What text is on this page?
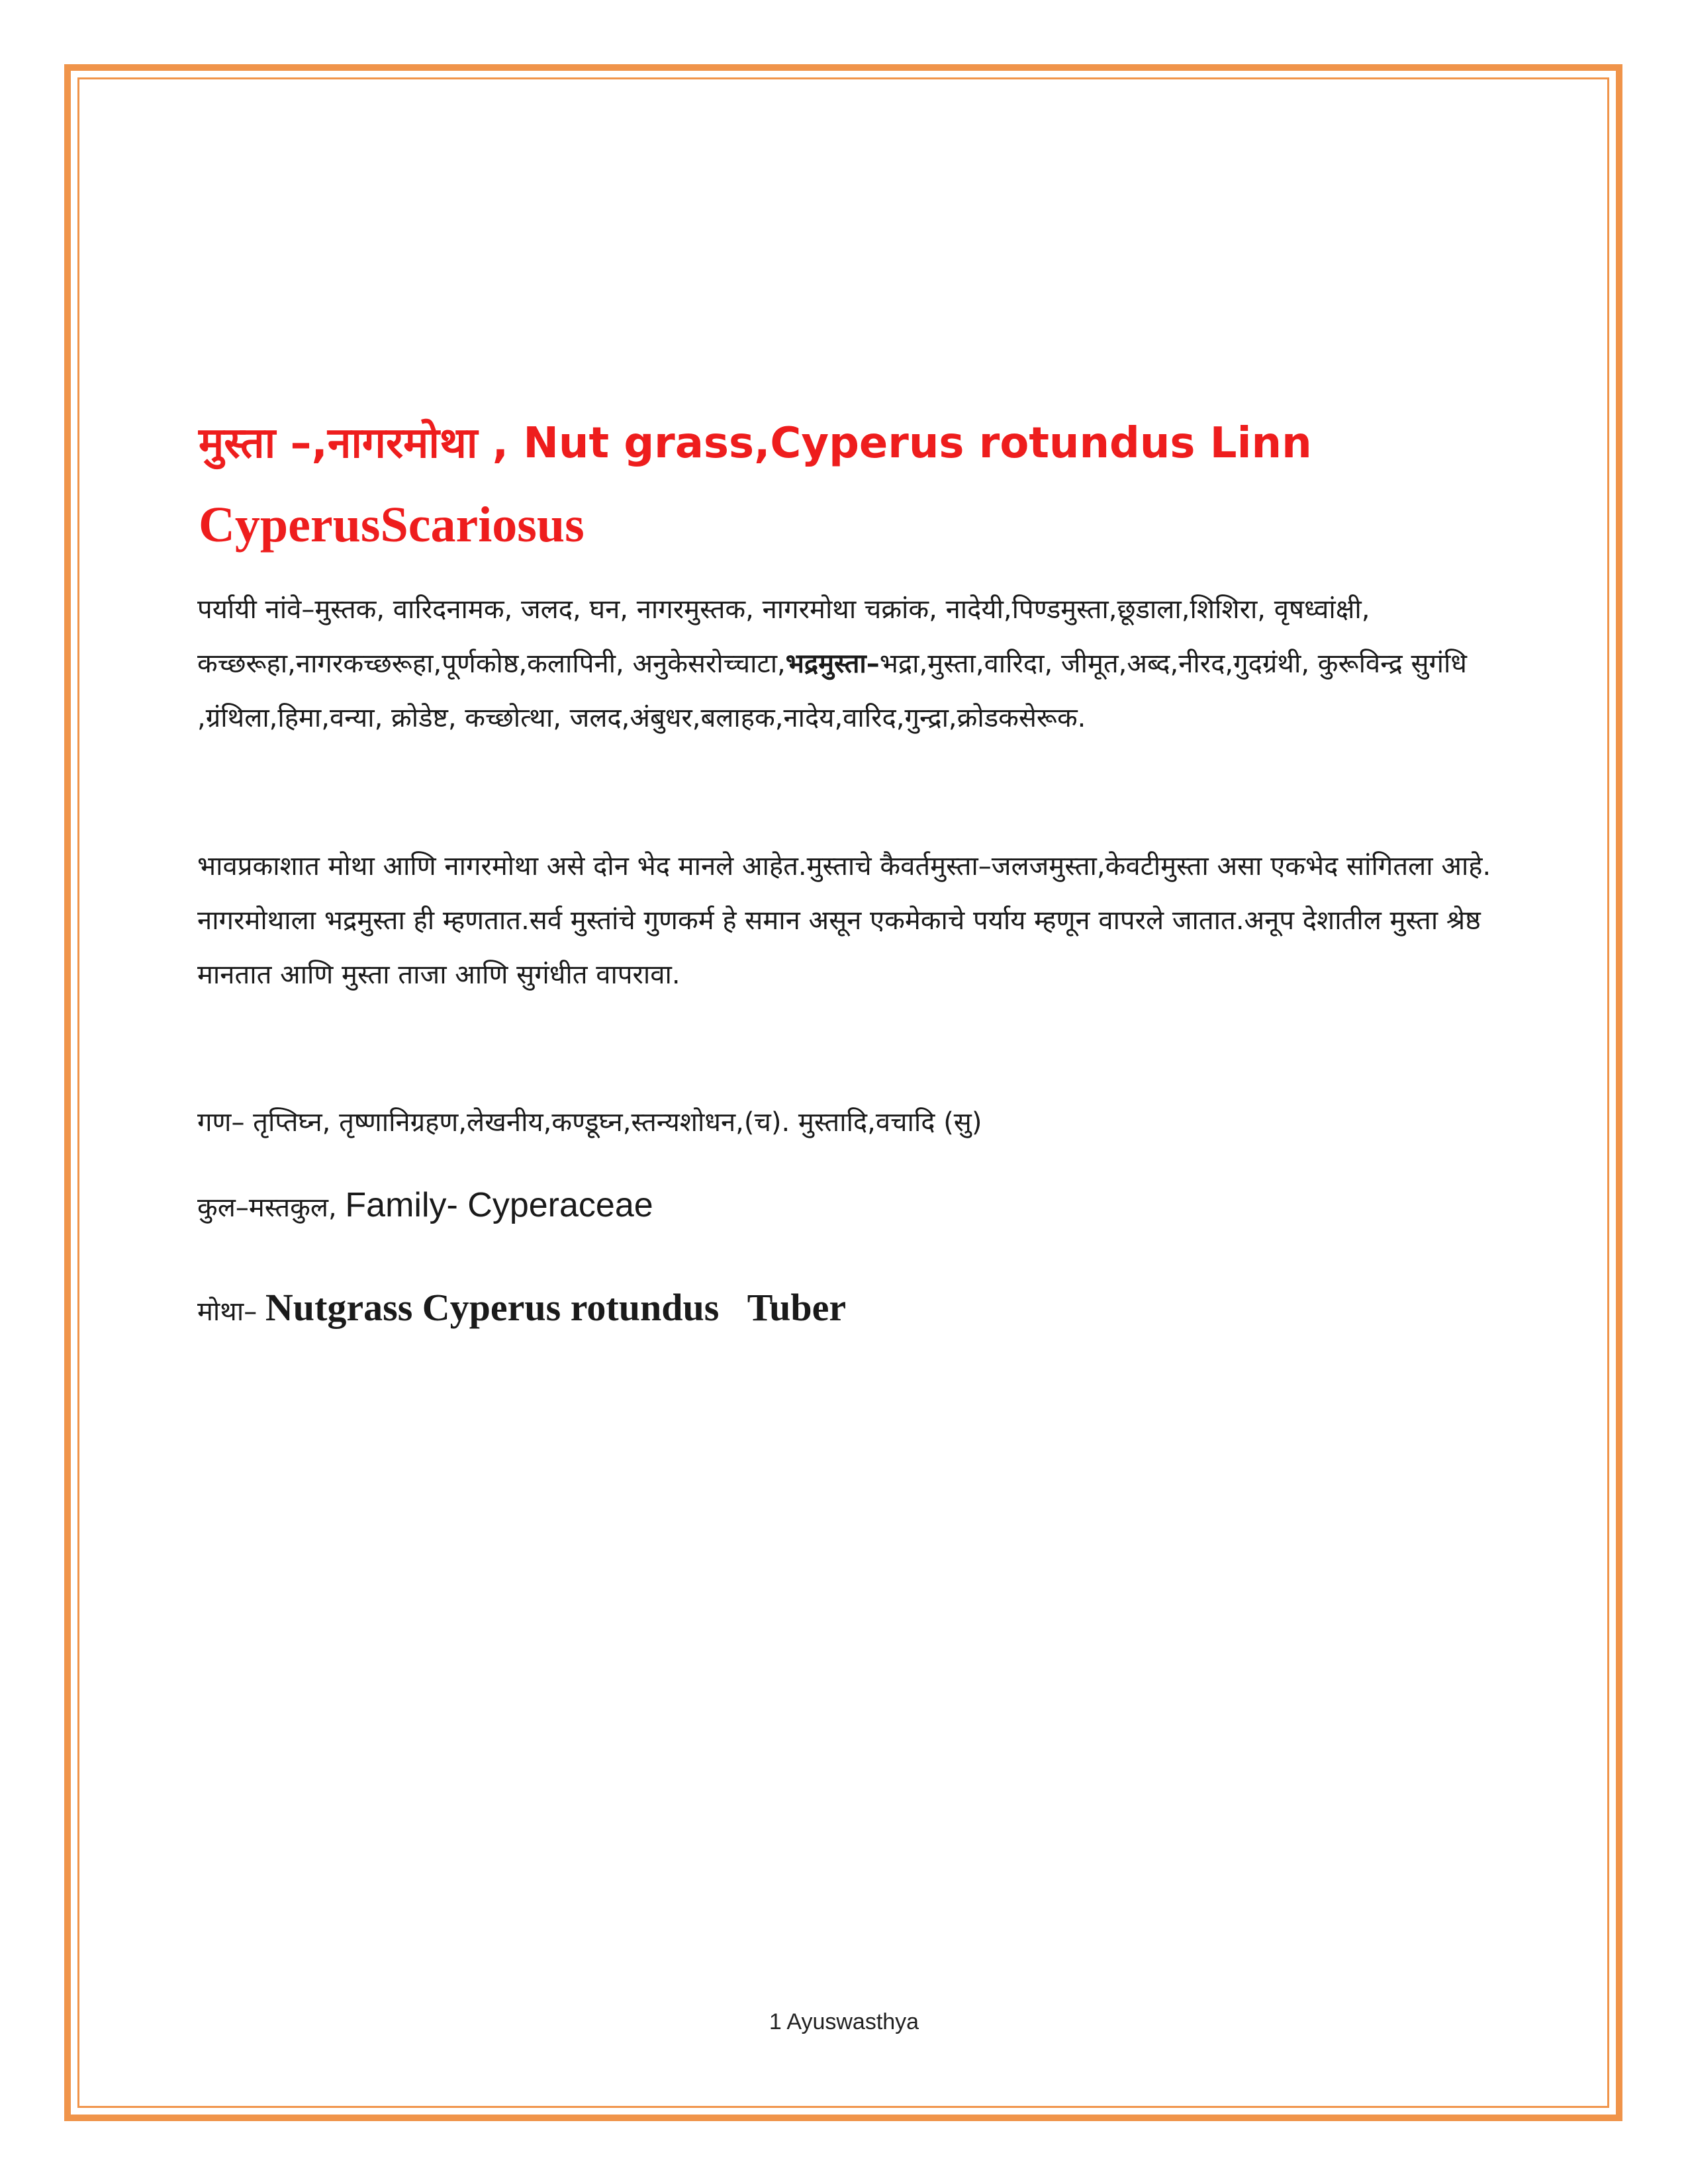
मुस्ता –,नागरमोथा , Nut grass,Cyperus rotundus Linn
CyperusScariosus
पर्यायी नांवे–मुस्तक, वारिदनामक, जलद, घन, नागरमुस्तक, नागरमोथा चक्रांक, नादेयी,पिण्डमुस्ता,छूडाला,शिशिरा, वृषध्वांक्षी, कच्छरूहा,नागरकच्छरूहा,पूर्णकोष्ठ,कलापिनी, अनुकेसरोच्चाटा,भद्रमुस्ता–भद्रा,मुस्ता,वारिदा, जीमूत,अब्द,नीरद,गुदग्रंथी, कुरूविन्द्र सुगंधि ,ग्रंथिला,हिमा,वन्या, क्रोडेष्ट, कच्छोत्था, जलद,अंबुधर,बलाहक,नादेय,वारिद,गुन्द्रा,क्रोडकसेरूक.
भावप्रकाशात मोथा आणि नागरमोथा असे दोन भेद मानले आहेत.मुस्ताचे कैवर्तमुस्ता–जलजमुस्ता,केवटीमुस्ता असा एकभेद सांगितला आहे. नागरमोथाला भद्रमुस्ता ही म्हणतात.सर्व मुस्तांचे गुणकर्म हे समान असून एकमेकाचे पर्याय म्हणून वापरले जातात.अनूप देशातील मुस्ता श्रेष्ठ मानतात आणि मुस्ता ताजा आणि सुगंधीत वापरावा.
गण– तृप्तिघ्न, तृष्णानिग्रहण,लेखनीय,कण्डूघ्न,स्तन्यशोधन,(च). मुस्तादि,वचादि (सु)
कुल–मस्तकुल, Family- Cyperaceae
मोथा– Nutgrass Cyperus rotundus   Tuber
1 Ayuswasthya
